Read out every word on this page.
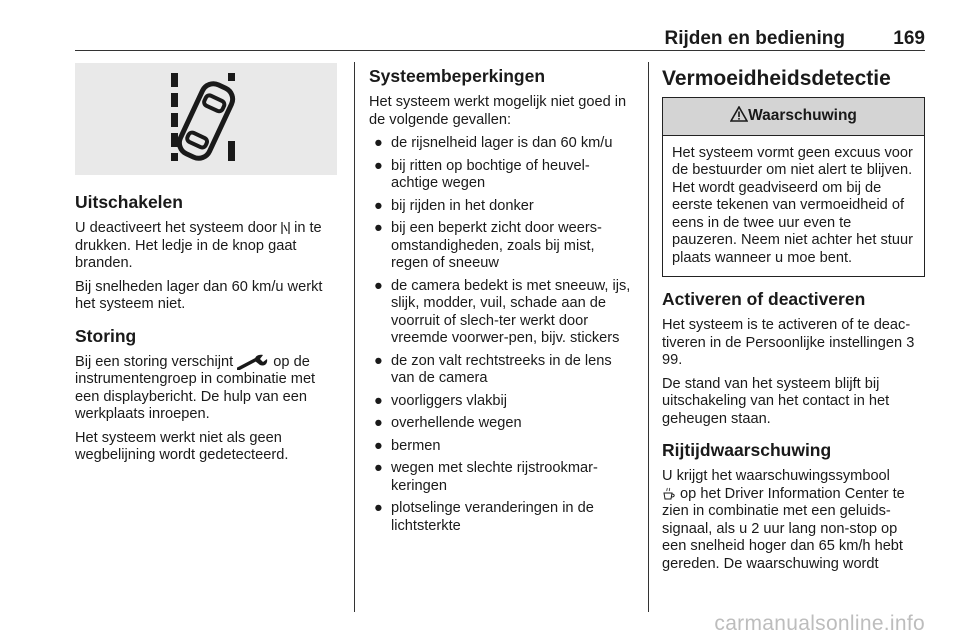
Rijden en bediening	169
Uitschakelen

U deactiveert het systeem door  in te drukken. Het ledje in de knop gaat branden.

Bij snelheden lager dan 60 km/u werkt het systeem niet.

Storing

Bij een storing verschijnt  op de instrumentengroep in combinatie met een displaybericht. De hulp van een werkplaats inroepen.

Het systeem werkt niet als geen wegbelijning wordt gedetecteerd.

Systeembeperkingen

Het systeem werkt mogelijk niet goed in de volgende gevallen:

● de rijsnelheid lager is dan 60 km/u
● bij ritten op bochtige of heuvel-achtige wegen
● bij rijden in het donker
● bij een beperkt zicht door weers-omstandigheden, zoals bij mist, regen of sneeuw
● de camera bedekt is met sneeuw, ijs, slijk, modder, vuil, schade aan de voorruit of slech-ter werkt door vreemde voorwer-pen, bijv. stickers
● de zon valt rechtstreeks in de lens van de camera
● voorliggers vlakbij
● overhellende wegen
● bermen
● wegen met slechte rijstrookmar-keringen
● plotselinge veranderingen in de lichtsterkte
Vermoeidheidsdetectie
Waarschuwing
Het systeem vormt geen excuus voor de bestuurder om niet alert te blijven. Het wordt geadviseerd om bij de eerste tekenen van vermoeidheid of eens in de twee uur even te pauzeren. Neem niet achter het stuur plaats wanneer u moe bent.
Activeren of deactiveren

Het systeem is te activeren of te deac-tiveren in de Persoonlijke instellingen 3 99.

De stand van het systeem blijft bij uitschakeling van het contact in het geheugen staan.

Rijtijdwaarschuwing

U krijgt het waarschuwingssymbool
op het Driver Information Center te zien in combinatie met een geluids-signaal, als u 2 uur lang non-stop op een snelheid hoger dan 65 km/h hebt gereden. De waarschuwing wordt

carmanualsonline.info
